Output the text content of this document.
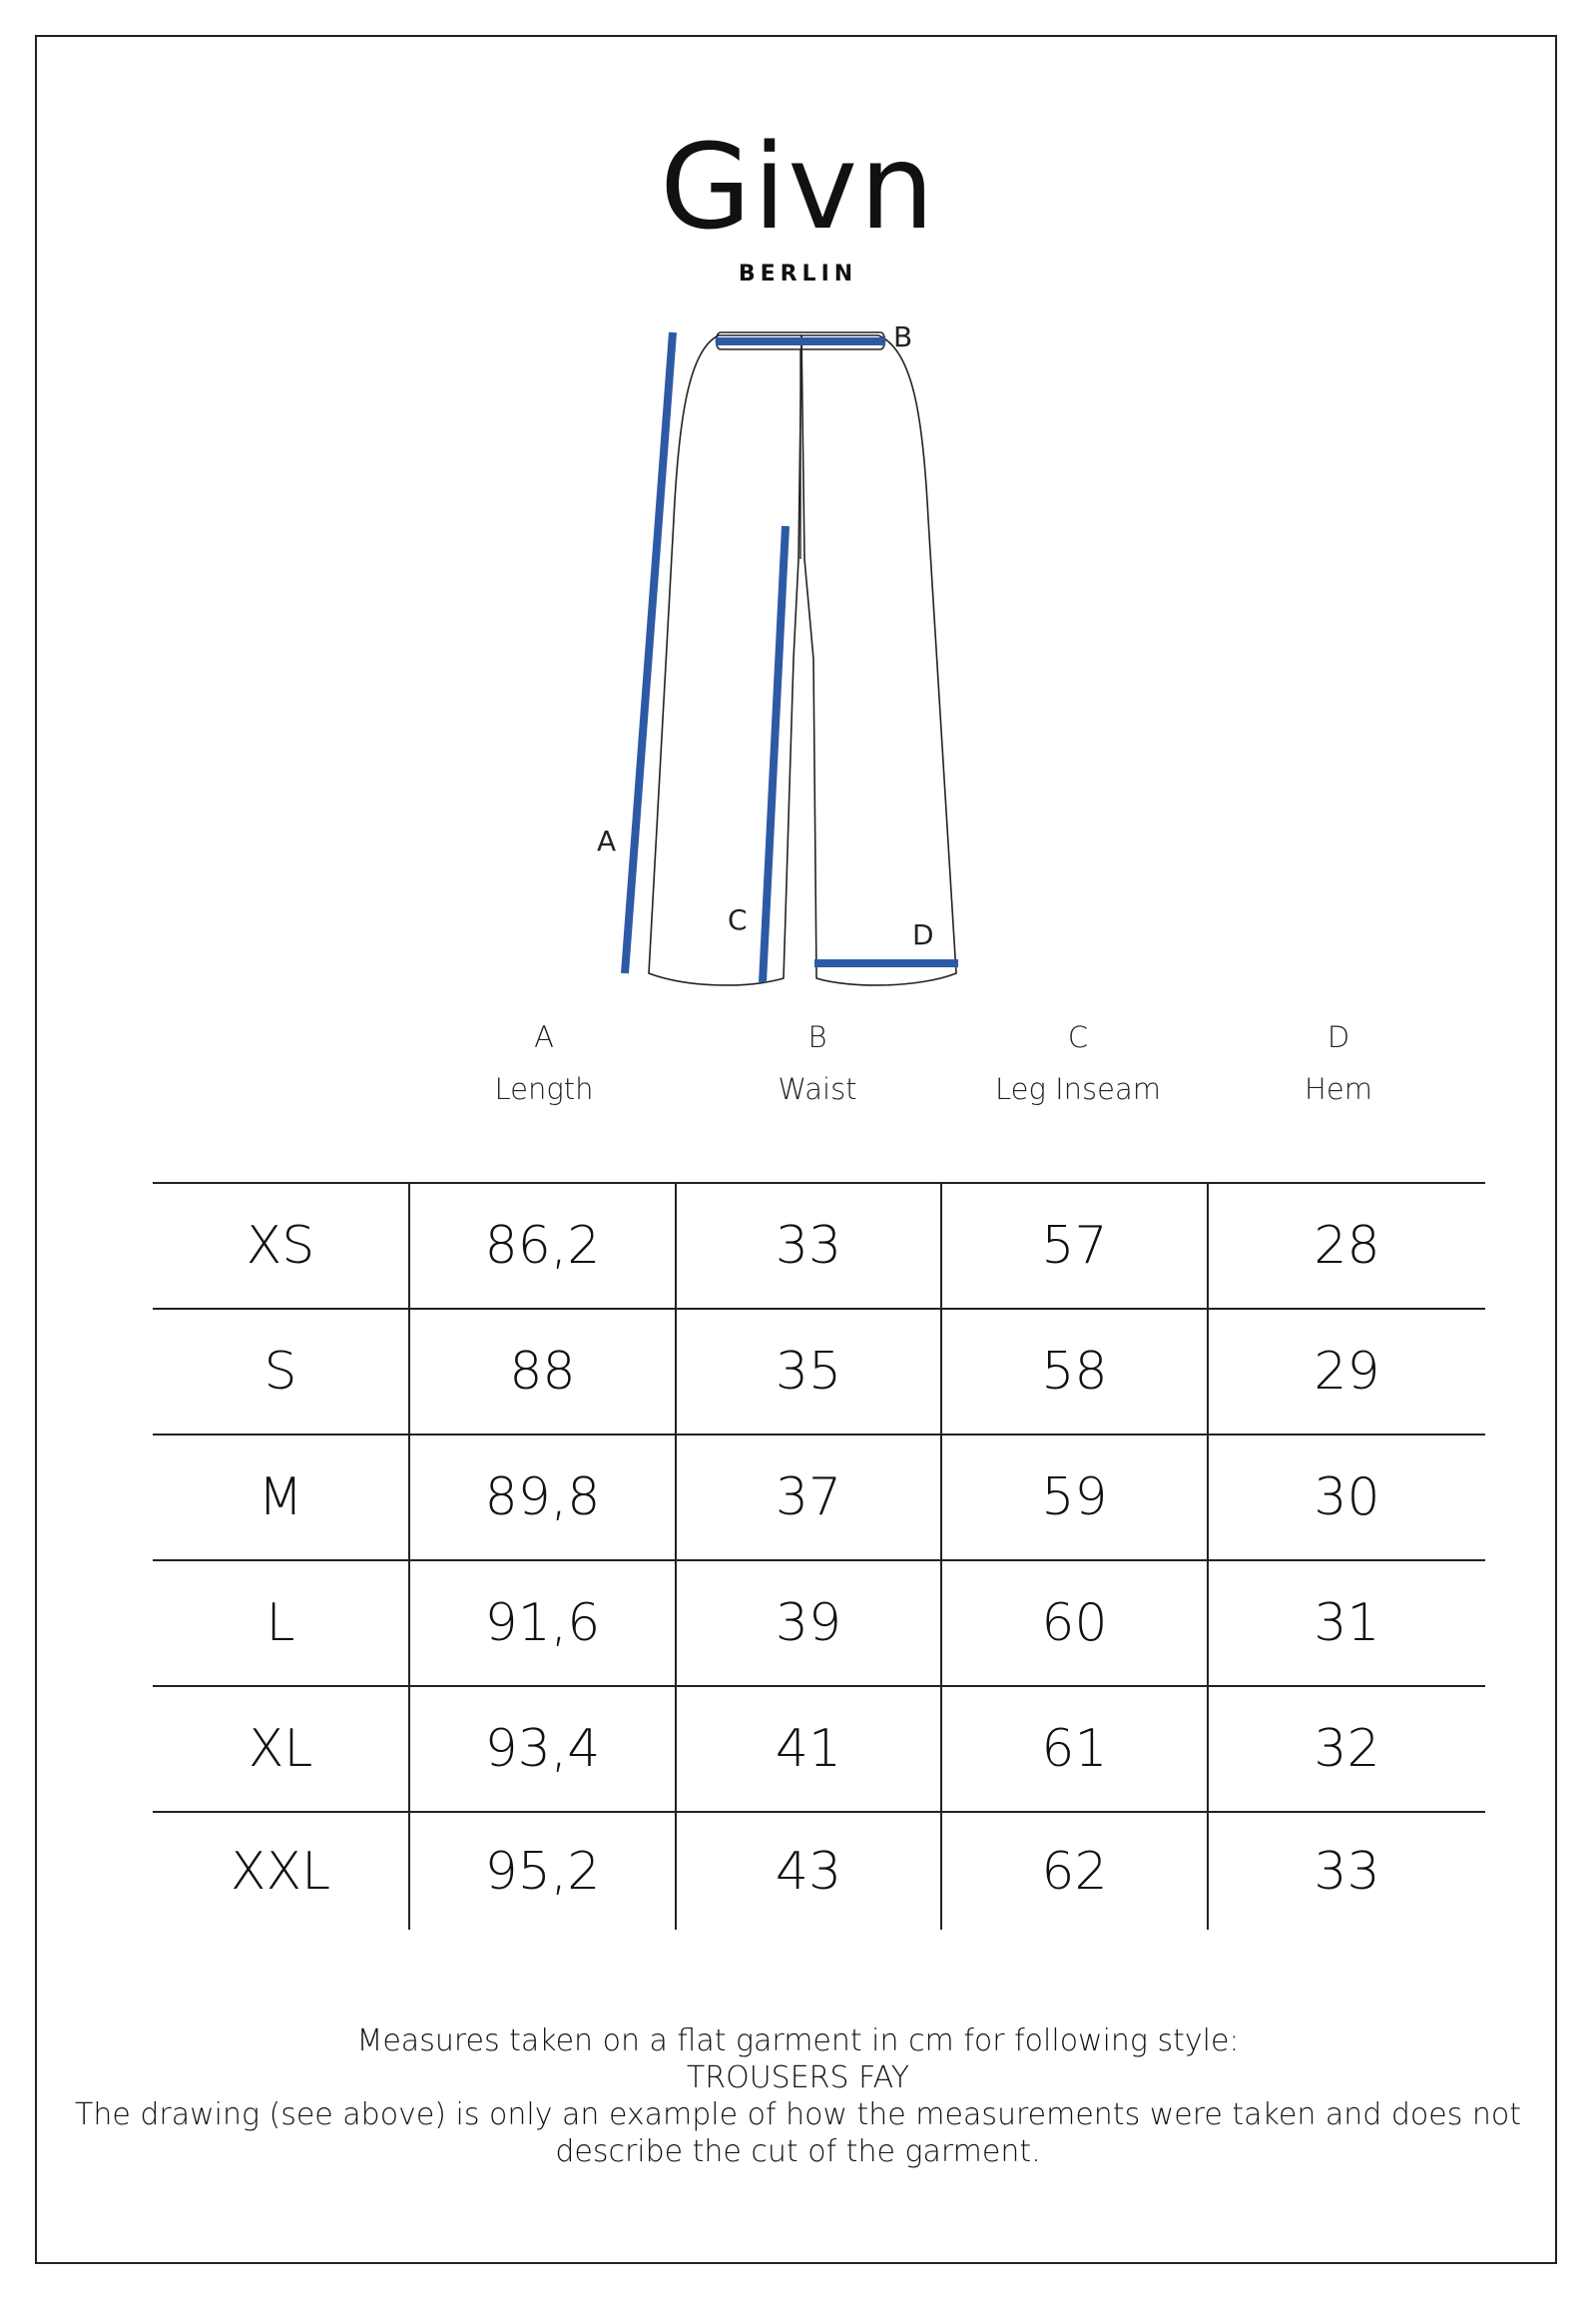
Givn
BERLIN
A
B
C	D
A
Length
B
Waist
C
Leg Inseam
D
Hem
XS	86,2	33	57	28
S	88	35	58	29
M	89,8	37	59	30
L	91,6	39	60	31
XL	93,4	41	61	32
XXL	95,2	43	62	33
Measures taken on a flat garment in cm for following style:
TROUSERS FAY
The drawing (see above) is only an example of how the measurements were taken and does not describe the cut of the garment.
